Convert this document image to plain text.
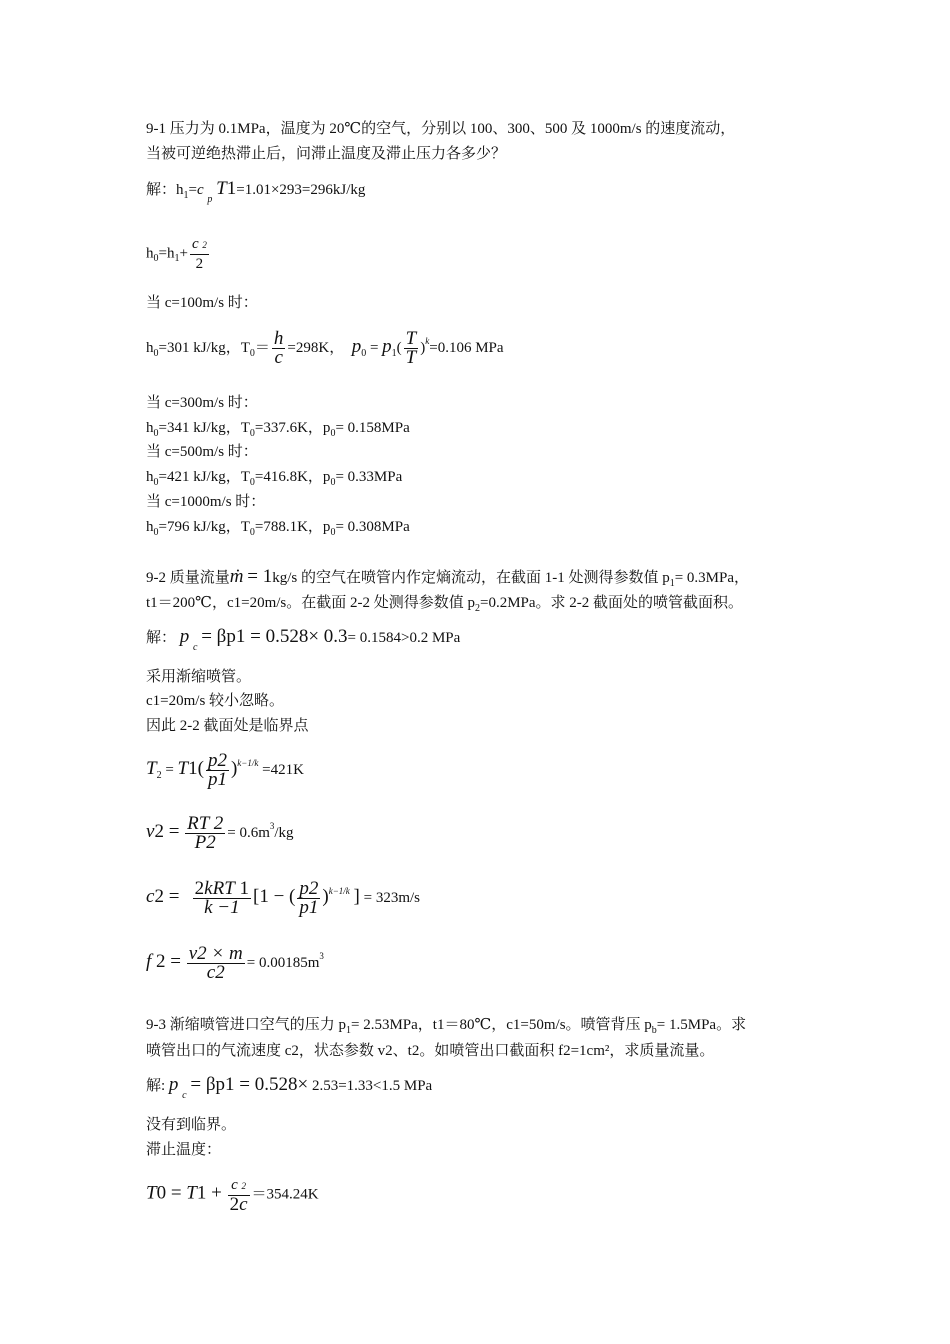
9-1 压力为 0.1MPa，温度为 20℃的空气，分别以 100、300、500 及 1000m/s 的速度流动，
当被可逆绝热滞止后，问滞止温度及滞止压力各多少？
解：$h_1=c$ $_p$ T1=1.01×293=296kJ/kg
$h_0=h_1+ \frac{c 2}{2}$
当 c=100m/s 时：
$h_0=301$ kJ/kg，$T_0= \frac{h}{c} =298K$， $p_0 = p_1( \frac{T}{T} )^k=0.106$ MPa
当 c=300m/s 时：
$h_0=341$ kJ/kg，$T_0=337.6K$，$p_0= 0.158MPa$
当 c=500m/s 时：
$h_0=421$ kJ/kg，$T_0=416.8K$，$p_0= 0.33MPa$
当 c=1000m/s 时：
$h_0=796$ kJ/kg，$T_0=788.1K$，$p_0= 0.308MPa$
9-2 质量流量ṁ = 1kg/s 的空气在喷管内作定熵流动，在截面 1-1 处测得参数值 $p_1= 0.3MPa$，
t1＝200℃，c1=20m/s。在截面 2-2 处测得参数值 $p_2=0.2MPa$。求 2-2 截面处的喷管截面积。
解： p $_c$ = βp1 = 0.528× 0.3= 0.1584>0.2 MPa
采用渐缩喷管。
c1=20m/s 较小忽略。
因此 2-2 截面处是临界点
$T_2 = T1( \frac{p2}{p1} )^{k-1/k} =421K$
$v2 = \frac{RT 2}{P2} = 0.6m^3/kg$
$c2 = \frac{\text{2kRT 1}}{k -1} [1$ − ( $\frac{p2}{p1} )^{k-1/k}$ ] = 323m/s
f $2 = \frac{v2 \times m}{c2} = 0.00185m^3$
9-3 渐缩喷管进口空气的压力 $p_1= 2.53MPa$，t1＝80℃，c1=50m/s。喷管背压 $p_b= 1.5MPa$。求
喷管出口的气流速度 c2，状态参数 v2、t2。如喷管出口截面积 f2=1cm²，求质量流量。
解: p $_c$ = βp1 = 0.528× 2.53=1.33<1.5 MPa
没有到临界。
滞止温度：
$T0 = T1 + \frac{c 2}{2c} =354.24K$
